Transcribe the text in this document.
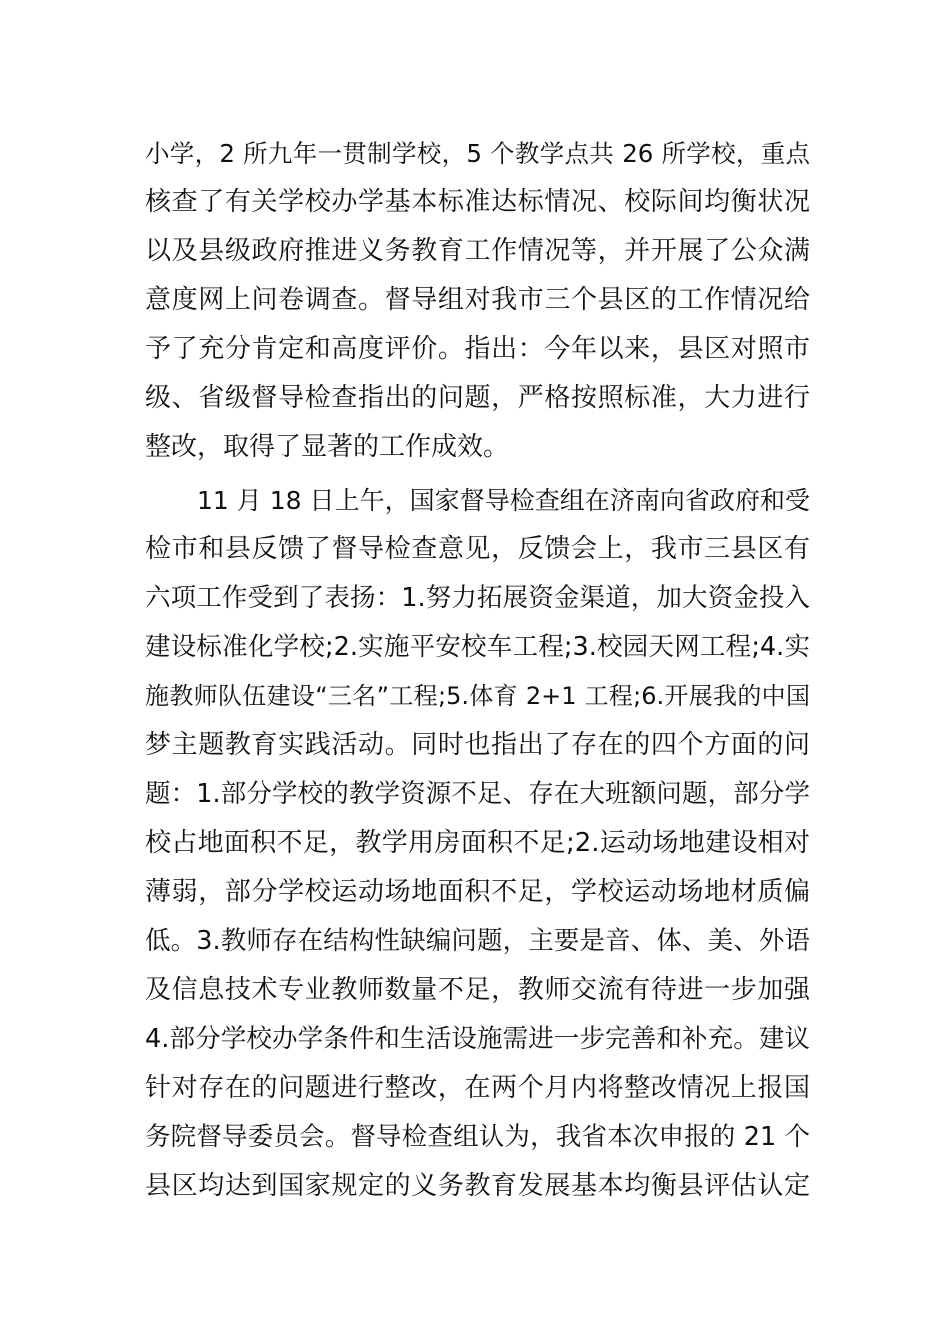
小学，2 所九年一贯制学校，5 个教学点共 26 所学校，重点
核查了有关学校办学基本标准达标情况、校际间均衡状况
以及县级政府推进义务教育工作情况等，并开展了公众满
意度网上问卷调查。督导组对我市三个县区的工作情况给
予了充分肯定和高度评价。指出：今年以来，县区对照市
级、省级督导检查指出的问题，严格按照标准，大力进行
整改，取得了显著的工作成效。
11 月 18 日上午，国家督导检查组在济南向省政府和受
检市和县反馈了督导检查意见，反馈会上，我市三县区有
六项工作受到了表扬：1.努力拓展资金渠道，加大资金投入
建设标准化学校;2.实施平安校车工程;3.校园天网工程;4.实
施教师队伍建设“三名”工程;5.体育 2+1 工程;6.开展我的中国
梦主题教育实践活动。同时也指出了存在的四个方面的问
题：1.部分学校的教学资源不足、存在大班额问题，部分学
校占地面积不足，教学用房面积不足;2.运动场地建设相对
薄弱，部分学校运动场地面积不足，学校运动场地材质偏
低。3.教师存在结构性缺编问题，主要是音、体、美、外语
及信息技术专业教师数量不足，教师交流有待进一步加强
4.部分学校办学条件和生活设施需进一步完善和补充。建议
针对存在的问题进行整改，在两个月内将整改情况上报国
务院督导委员会。督导检查组认为，我省本次申报的 21 个
县区均达到国家规定的义务教育发展基本均衡县评估认定
